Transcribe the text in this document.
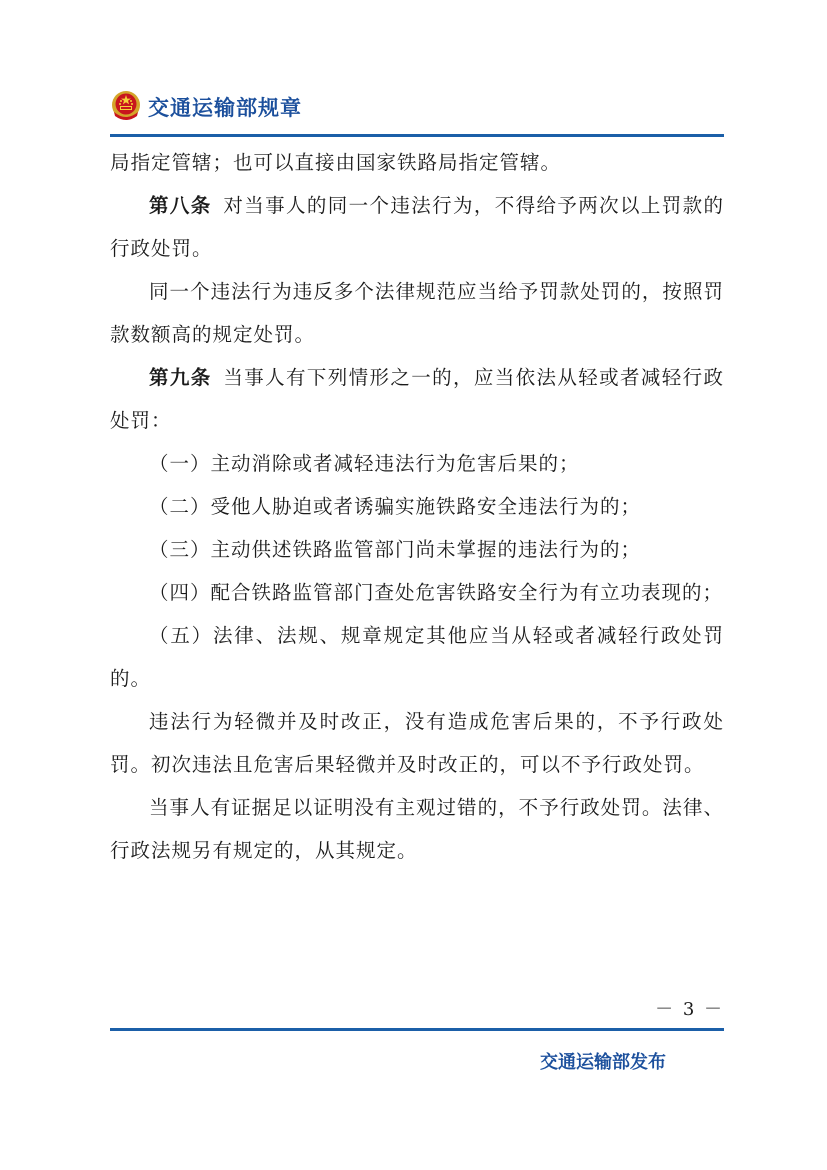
交通运输部规章

局指定管辖；也可以直接由国家铁路局指定管辖。

第八条 对当事人的同一个违法行为，不得给予两次以上罚款的行政处罚。

同一个违法行为违反多个法律规范应当给予罚款处罚的，按照罚款数额高的规定处罚。

第九条 当事人有下列情形之一的，应当依法从轻或者减轻行政处罚：

（一）主动消除或者减轻违法行为危害后果的；

（二）受他人胁迫或者诱骗实施铁路安全违法行为的；

（三）主动供述铁路监管部门尚未掌握的违法行为的；

（四）配合铁路监管部门查处危害铁路安全行为有立功表现的；

（五）法律、法规、规章规定其他应当从轻或者减轻行政处罚的。

违法行为轻微并及时改正，没有造成危害后果的，不予行政处罚。初次违法且危害后果轻微并及时改正的，可以不予行政处罚。

当事人有证据足以证明没有主观过错的，不予行政处罚。法律、行政法规另有规定的，从其规定。

－ 3 －
交通运输部发布
